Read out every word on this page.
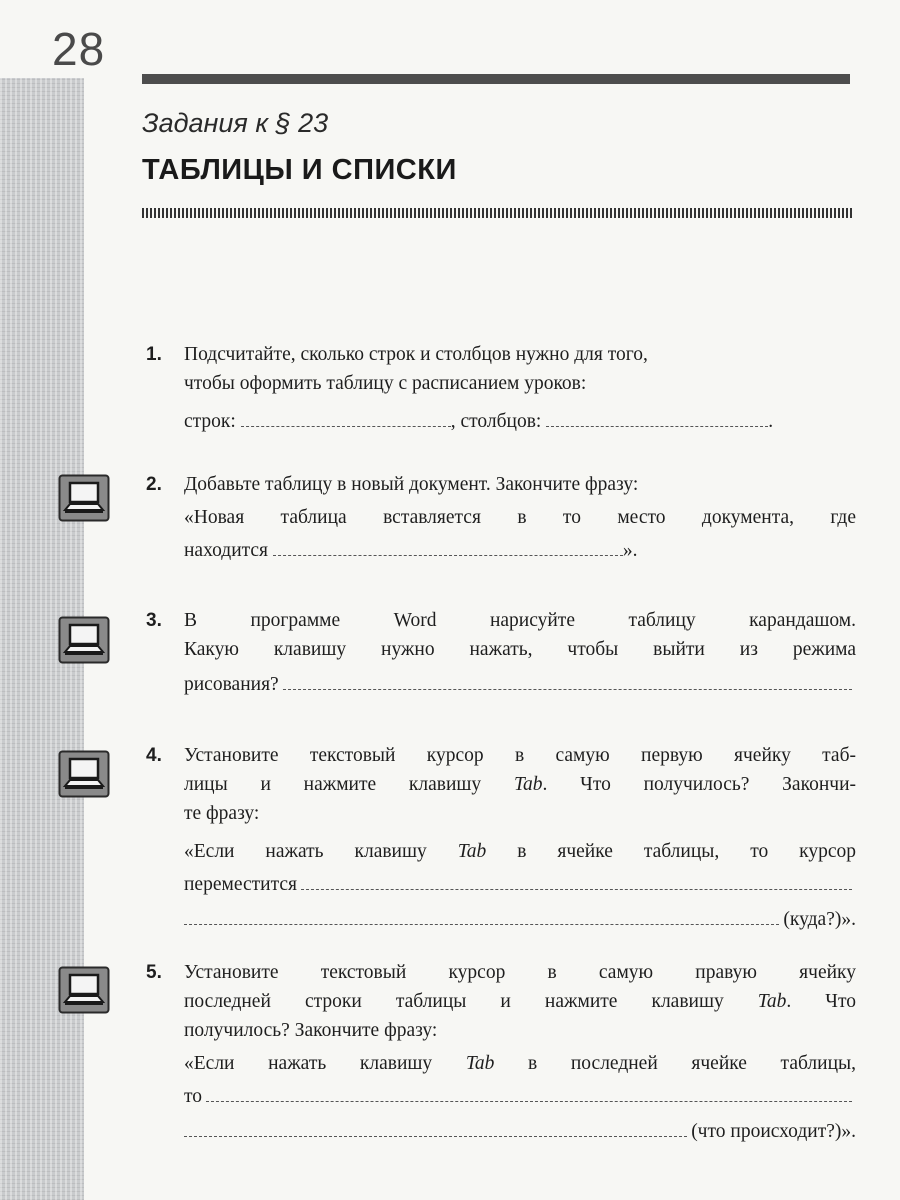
28
Задания к § 23
ТАБЛИЦЫ И СПИСКИ
1. Подсчитайте, сколько строк и столбцов нужно для того,
чтобы оформить таблицу с расписанием уроков:
строк:	, столбцов:	.
2. Добавьте таблицу в новый документ. Закончите фразу:
«Новая таблица вставляется в то место документа, где
находится	».
3. В программе Word нарисуйте таблицу карандашом.
Какую клавишу нужно нажать, чтобы выйти из режима
рисования?
4. Установите текстовый курсор в самую первую ячейку таб-
лицы и нажмите клавишу Tab. Что получилось? Закончи-
те фразу:
«Если нажать клавишу Tab в ячейке таблицы, то курсор
переместится
(куда?)».
5. Установите текстовый курсор в самую правую ячейку
последней строки таблицы и нажмите клавишу Tab. Что
получилось? Закончите фразу:
«Если нажать клавишу Tab в последней ячейке таблицы,
то
(что происходит?)».
